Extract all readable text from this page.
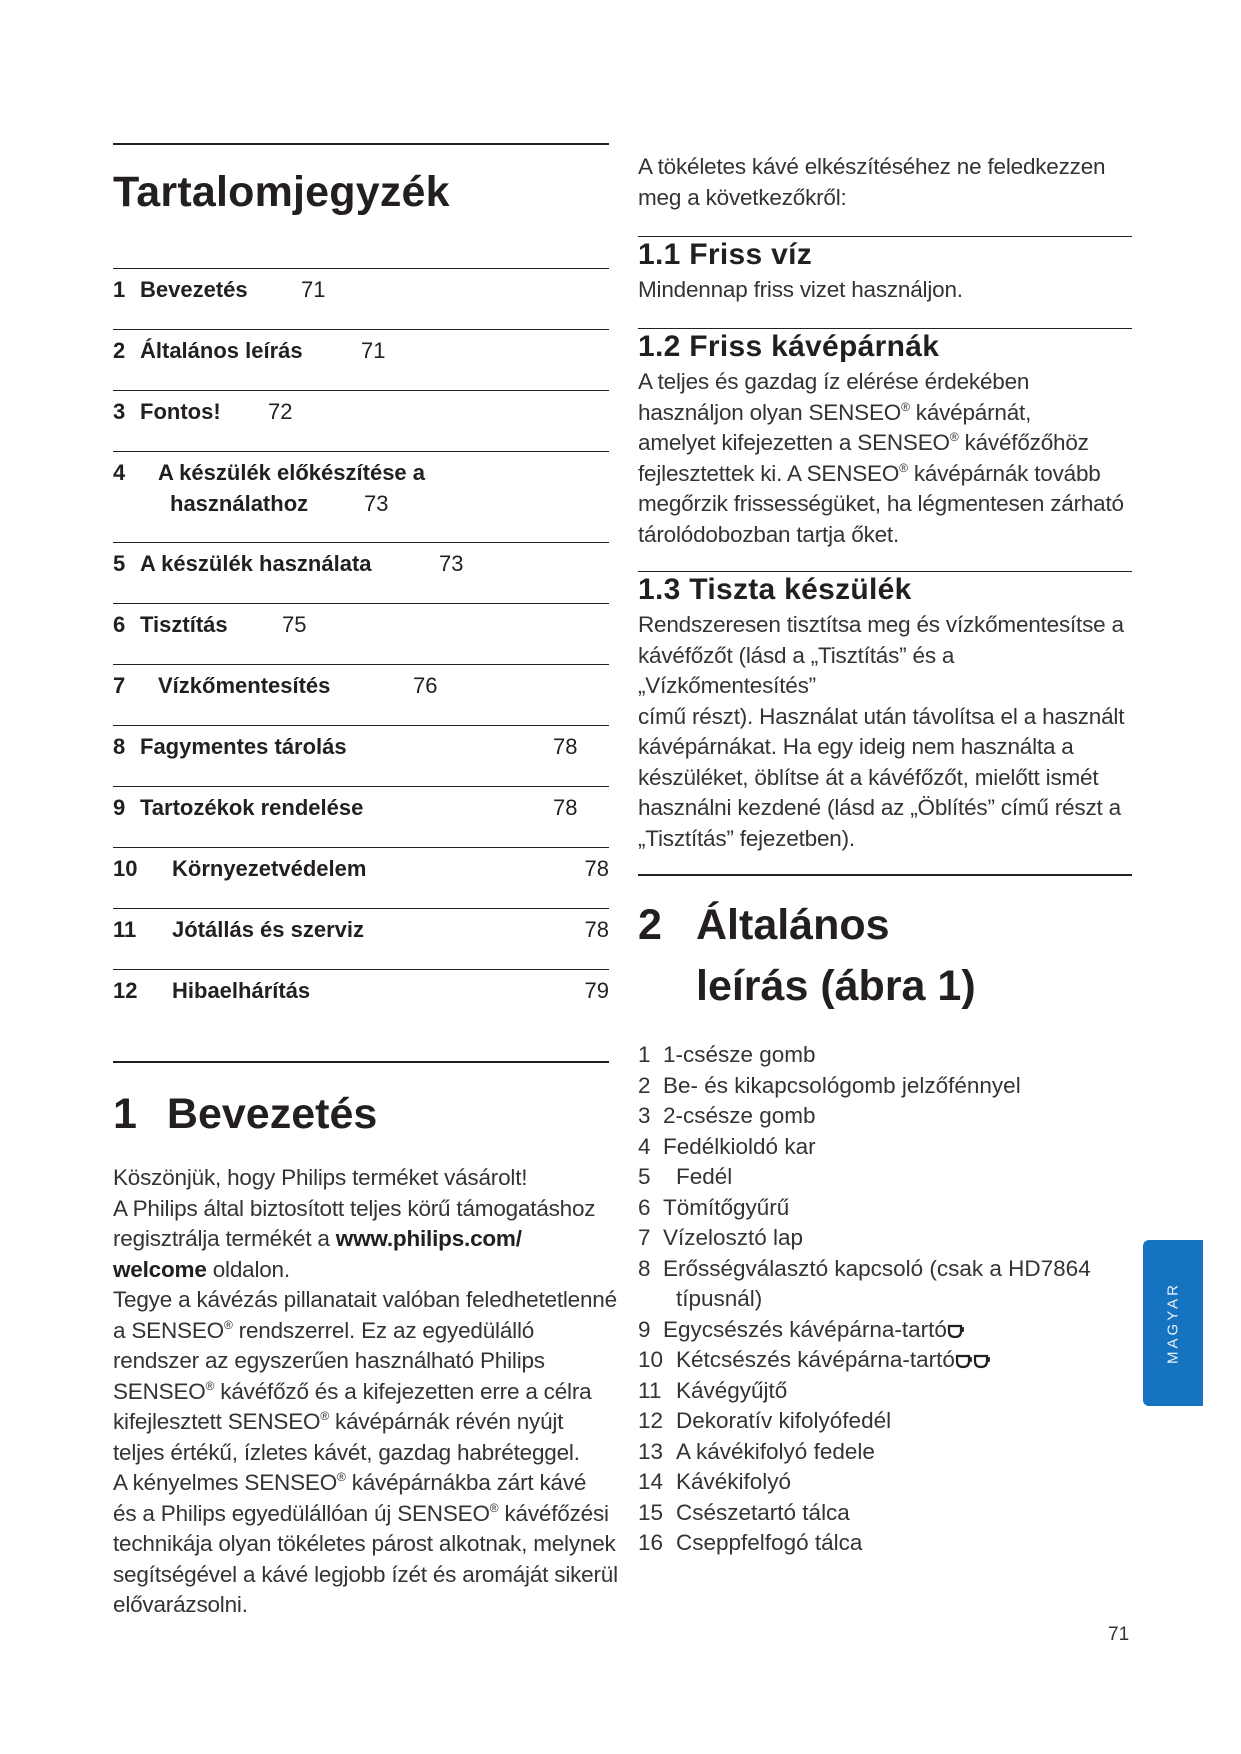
Tartalomjegyzék
1 Bevezetés 71
2 Általános leírás	71
3 Fontos! 72
4 A készülék előkészítése a
használathoz	73
5 A készülék használata	73
6 Tisztítás 75
7 Vízkőmentesítés	76
8 Fagymentes tárolás	78
9 Tartozékok rendelése	78
10 Környezetvédelem	78
11 Jótállás és szerviz	78
12 Hibaelhárítás	79
1 Bevezetés
Köszönjük, hogy Philips terméket vásárolt!
A Philips által biztosított teljes körű támogatáshoz
regisztrálja termékét a www.philips.com/
welcome oldalon.
Tegye a kávézás pillanatait valóban feledhetetlenné
a SENSEO® rendszerrel. Ez az egyedülálló
rendszer az egyszerűen használható Philips
SENSEO® kávéfőző és a kifejezetten erre a célra
kifejlesztett SENSEO® kávépárnák révén nyújt
teljes értékű, ízletes kávét, gazdag habréteggel.
A kényelmes SENSEO® kávépárnákba zárt kávé
és a Philips egyedülállóan új SENSEO® kávéfőzési
technikája olyan tökéletes párost alkotnak, melynek
segítségével a kávé legjobb ízét és aromáját sikerül
elővarázsolni.
A tökéletes kávé elkészítéséhez ne feledkezzen
meg a következőkről:
1.1 Friss víz
Mindennap friss vizet használjon.
1.2 Friss kávépárnák
A teljes és gazdag íz elérése érdekében
használjon olyan SENSEO® kávépárnát,
amelyet kifejezetten a SENSEO® kávéfőzőhöz
fejlesztettek ki. A SENSEO® kávépárnák tovább
megőrzik frissességüket, ha légmentesen zárható
tárolódobozban tartja őket.
1.3 Tiszta készülék
Rendszeresen tisztítsa meg és vízkőmentesítse a
kávéfőzőt (lásd a „Tisztítás” és a „Vízkőmentesítés”
című részt). Használat után távolítsa el a használt
kávépárnákat. Ha egy ideig nem használta a
készüléket, öblítse át a kávéfőzőt, mielőtt ismét
használni kezdené (lásd az „Öblítés” című részt a
„Tisztítás” fejezetben).
2 Általános
leírás (ábra 1)
1 1-csésze gomb
2 Be- és kikapcsológomb jelzőfénnyel
3 2-csésze gomb
4 Fedélkioldó kar
5 Fedél
6 Tömítőgyűrű
7 Vízelosztó lap
8 Erősségválasztó kapcsoló (csak a HD7864
típusnál)
9 Egycsészés kávépárna-tartó
10 Kétcsészés kávépárna-tartó
11 Kávégyűjtő
12 Dekoratív kifolyófedél
13 A kávékifolyó fedele
14 Kávékifolyó
15 Csészetartó tálca
16 Cseppfelfogó tálca
MAGYAR
71
